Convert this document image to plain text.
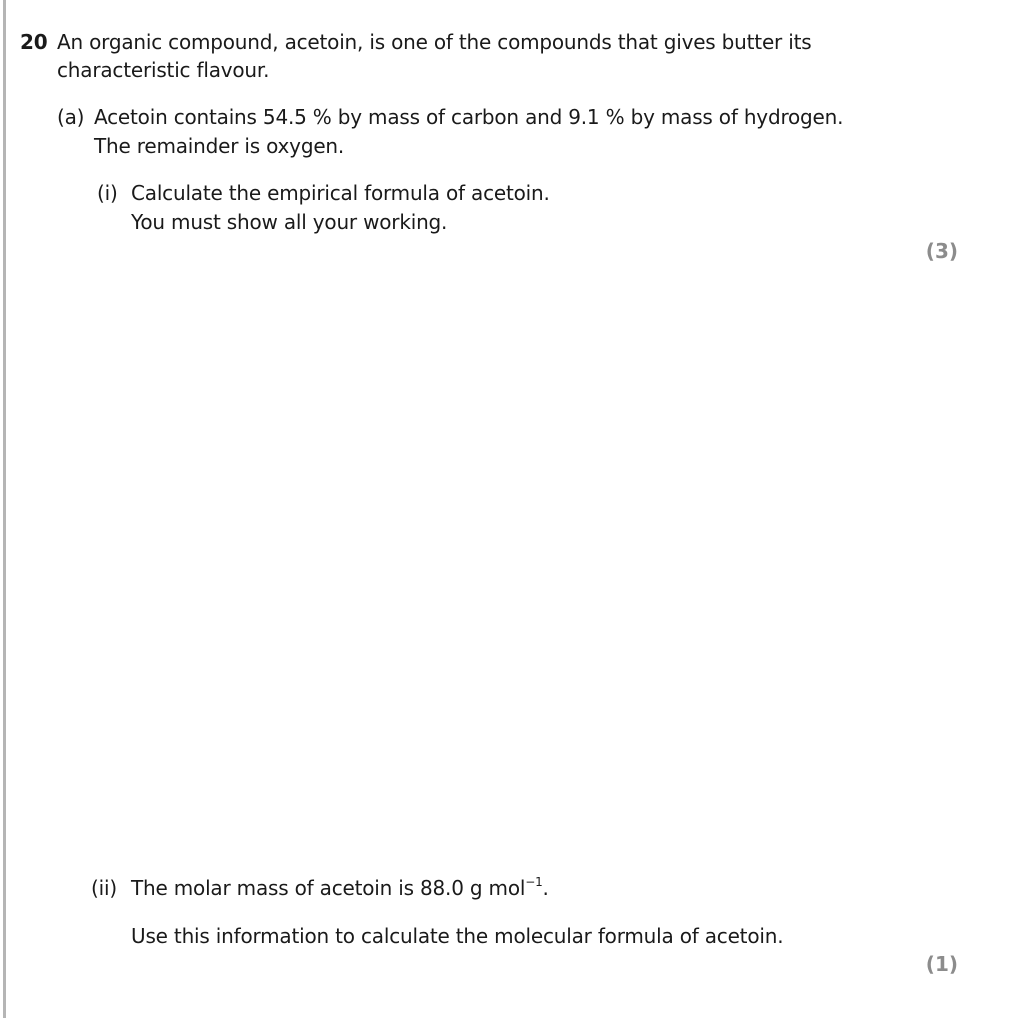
20 An organic compound, acetoin, is one of the compounds that gives butter its
characteristic flavour.
(a) Acetoin contains 54.5 % by mass of carbon and 9.1 % by mass of hydrogen.
The remainder is oxygen.
(i) Calculate the empirical formula of acetoin.
You must show all your working.
(3)
(ii) The molar mass of acetoin is 88.0 g mol$^{-1}$.
Use this information to calculate the molecular formula of acetoin.
(1)
